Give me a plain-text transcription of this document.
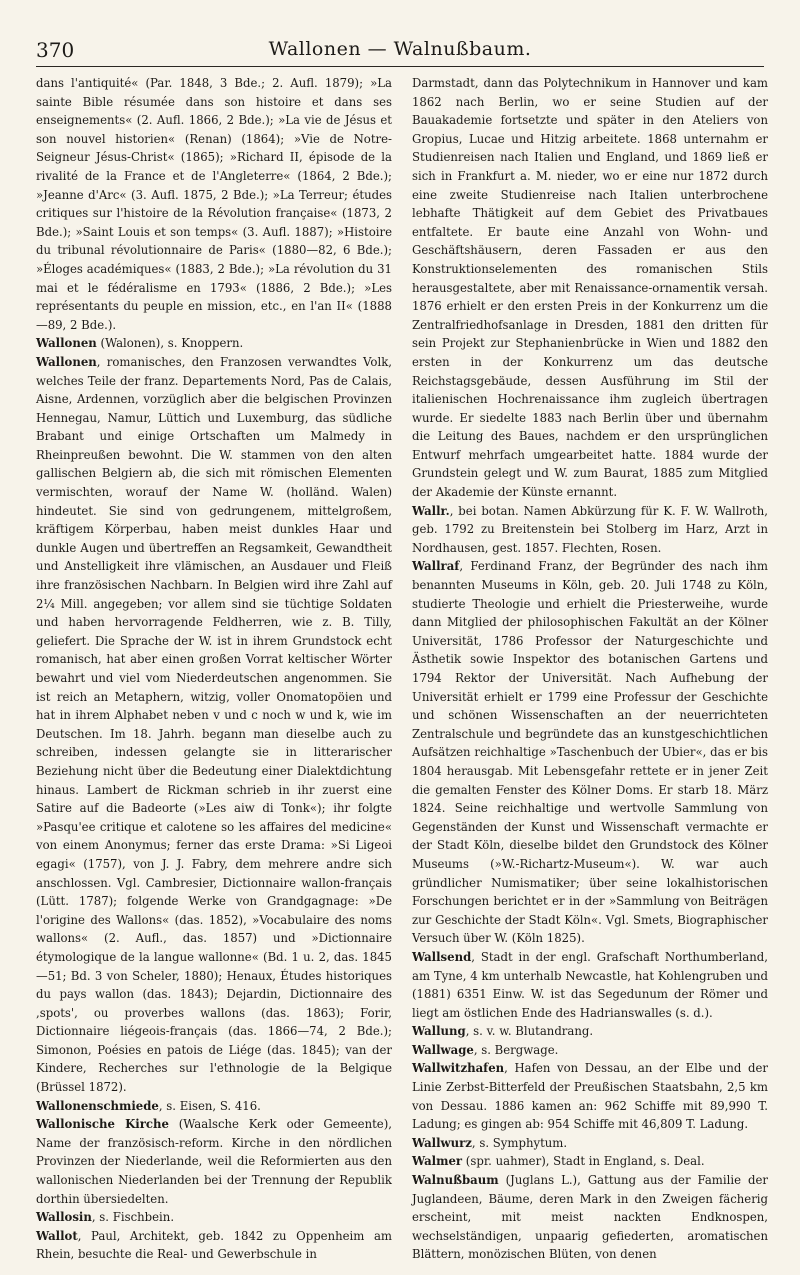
370	Wallonen — Walnußbaum.

dans l'antiquité« (Par. 1848, 3 Bde.; 2. Aufl. 1879); »La sainte Bible résumée dans son histoire et dans ses enseignements« (2. Aufl. 1866, 2 Bde.); »La vie de Jésus et son nouvel historien« (Renan) (1864); »Vie de Notre-Seigneur Jésus-Christ« (1865); »Richard II, épisode de la rivalité de la France et de l'Angleterre« (1864, 2 Bde.); »Jeanne d'Arc« (3. Aufl. 1875, 2 Bde.); »La Terreur; études critiques sur l'histoire de la Révolution française« (1873, 2 Bde.); »Saint Louis et son temps« (3. Aufl. 1887); »Histoire du tribunal révolutionnaire de Paris« (1880—82, 6 Bde.); »Éloges académiques« (1883, 2 Bde.); »La révolution du 31 mai et le fédéralisme en 1793« (1886, 2 Bde.); »Les représentants du peuple en mission, etc., en l'an II« (1888—89, 2 Bde.).

Wallonen (Walonen), s. Knoppern.

Wallonen, romanisches, den Franzosen verwandtes Volk, welches Teile der franz. Departements Nord, Pas de Calais, Aisne, Ardennen, vorzüglich aber die belgischen Provinzen Hennegau, Namur, Lüttich und Luxemburg, das südliche Brabant und einige Ortschaften um Malmedy in Rheinpreußen bewohnt. Die W. stammen von den alten gallischen Belgiern ab, die sich mit römischen Elementen vermischten, worauf der Name W. (holländ. Walen) hindeutet. Sie sind von gedrungenem, mittelgroßem, kräftigem Körperbau, haben meist dunkles Haar und dunkle Augen und übertreffen an Regsamkeit, Gewandtheit und Anstelligkeit ihre vlämischen, an Ausdauer und Fleiß ihre französischen Nachbarn. In Belgien wird ihre Zahl auf 2¼ Mill. angegeben; vor allem sind sie tüchtige Soldaten und haben hervorragende Feldherren, wie z. B. Tilly, geliefert. Die Sprache der W. ist in ihrem Grundstock echt romanisch, hat aber einen großen Vorrat keltischer Wörter bewahrt und viel vom Niederdeutschen angenommen. Sie ist reich an Metaphern, witzig, voller Onomatopöien und hat in ihrem Alphabet neben v und c noch w und k, wie im Deutschen. Im 18. Jahrh. begann man dieselbe auch zu schreiben, indessen gelangte sie in litterarischer Beziehung nicht über die Bedeutung einer Dialektdichtung hinaus. Lambert de Rickman schrieb in ihr zuerst eine Satire auf die Badeorte (»Les aiw di Tonk«); ihr folgte »Pasqu'ee critique et calotene so les affaires del medicine« von einem Anonymus; ferner das erste Drama: »Si Ligeoi egagi« (1757), von J. J. Fabry, dem mehrere andre sich anschlossen. Vgl. Cambresier, Dictionnaire wallon-français (Lütt. 1787); folgende Werke von Grandgagnage: »De l'origine des Wallons« (das. 1852), »Vocabulaire des noms wallons« (2. Aufl., das. 1857) und »Dictionnaire étymologique de la langue wallonne« (Bd. 1 u. 2, das. 1845—51; Bd. 3 von Scheler, 1880); Henaux, Études historiques du pays wallon (das. 1843); Dejardin, Dictionnaire des ,spots', ou proverbes wallons (das. 1863); Forir, Dictionnaire liégeois-français (das. 1866—74, 2 Bde.); Simonon, Poésies en patois de Liége (das. 1845); van der Kindere, Recherches sur l'ethnologie de la Belgique (Brüssel 1872).

Wallonenschmiede, s. Eisen, S. 416.

Wallonische Kirche (Waalsche Kerk oder Gemeente), Name der französisch-reform. Kirche in den nördlichen Provinzen der Niederlande, weil die Reformierten aus den wallonischen Niederlanden bei der Trennung der Republik dorthin übersiedelten.

Wallosin, s. Fischbein.

Wallot, Paul, Architekt, geb. 1842 zu Oppenheim am Rhein, besuchte die Real- und Gewerbschule in

Darmstadt, dann das Polytechnikum in Hannover und kam 1862 nach Berlin, wo er seine Studien auf der Bauakademie fortsetzte und später in den Ateliers von Gropius, Lucae und Hitzig arbeitete. 1868 unternahm er Studienreisen nach Italien und England, und 1869 ließ er sich in Frankfurt a. M. nieder, wo er eine nur 1872 durch eine zweite Studienreise nach Italien unterbrochene lebhafte Thätigkeit auf dem Gebiet des Privatbaues entfaltete. Er baute eine Anzahl von Wohn- und Geschäftshäusern, deren Fassaden er aus den Konstruktionselementen des romanischen Stils herausgestaltete, aber mit Renaissance-ornamentik versah. 1876 erhielt er den ersten Preis in der Konkurrenz um die Zentralfriedhofsanlage in Dresden, 1881 den dritten für sein Projekt zur Stephanienbrücke in Wien und 1882 den ersten in der Konkurrenz um das deutsche Reichstagsgebäude, dessen Ausführung im Stil der italienischen Hochrenaissance ihm zugleich übertragen wurde. Er siedelte 1883 nach Berlin über und übernahm die Leitung des Baues, nachdem er den ursprünglichen Entwurf mehrfach umgearbeitet hatte. 1884 wurde der Grundstein gelegt und W. zum Baurat, 1885 zum Mitglied der Akademie der Künste ernannt.

Wallr., bei botan. Namen Abkürzung für K. F. W. Wallroth, geb. 1792 zu Breitenstein bei Stolberg im Harz, Arzt in Nordhausen, gest. 1857. Flechten, Rosen.

Wallraf, Ferdinand Franz, der Begründer des nach ihm benannten Museums in Köln, geb. 20. Juli 1748 zu Köln, studierte Theologie und erhielt die Priesterweihe, wurde dann Mitglied der philosophischen Fakultät an der Kölner Universität, 1786 Professor der Naturgeschichte und Ästhetik sowie Inspektor des botanischen Gartens und 1794 Rektor der Universität. Nach Aufhebung der Universität erhielt er 1799 eine Professur der Geschichte und schönen Wissenschaften an der neuerrichteten Zentralschule und begründete das an kunstgeschichtlichen Aufsätzen reichhaltige »Taschenbuch der Ubier«, das er bis 1804 herausgab. Mit Lebensgefahr rettete er in jener Zeit die gemalten Fenster des Kölner Doms. Er starb 18. März 1824. Seine reichhaltige und wertvolle Sammlung von Gegenständen der Kunst und Wissenschaft vermachte er der Stadt Köln, dieselbe bildet den Grundstock des Kölner Museums (»W.-Richartz-Museum«). W. war auch gründlicher Numismatiker; über seine lokalhistorischen Forschungen berichtet er in der »Sammlung von Beiträgen zur Geschichte der Stadt Köln«. Vgl. Smets, Biographischer Versuch über W. (Köln 1825).

Wallsend, Stadt in der engl. Grafschaft Northumberland, am Tyne, 4 km unterhalb Newcastle, hat Kohlengruben und (1881) 6351 Einw. W. ist das Segedunum der Römer und liegt am östlichen Ende des Hadrianswalles (s. d.).

Wallung, s. v. w. Blutandrang.

Wallwage, s. Bergwage.

Wallwitzhafen, Hafen von Dessau, an der Elbe und der Linie Zerbst-Bitterfeld der Preußischen Staatsbahn, 2,5 km von Dessau. 1886 kamen an: 962 Schiffe mit 89,990 T. Ladung; es gingen ab: 954 Schiffe mit 46,809 T. Ladung.

Wallwurz, s. Symphytum.

Walmer (spr. uahmer), Stadt in England, s. Deal.

Walnußbaum (Juglans L.), Gattung aus der Familie der Juglandeen, Bäume, deren Mark in den Zweigen fächerig erscheint, mit meist nackten Endknospen, wechselständigen, unpaarig gefiederten, aromatischen Blättern, monözischen Blüten, von denen
